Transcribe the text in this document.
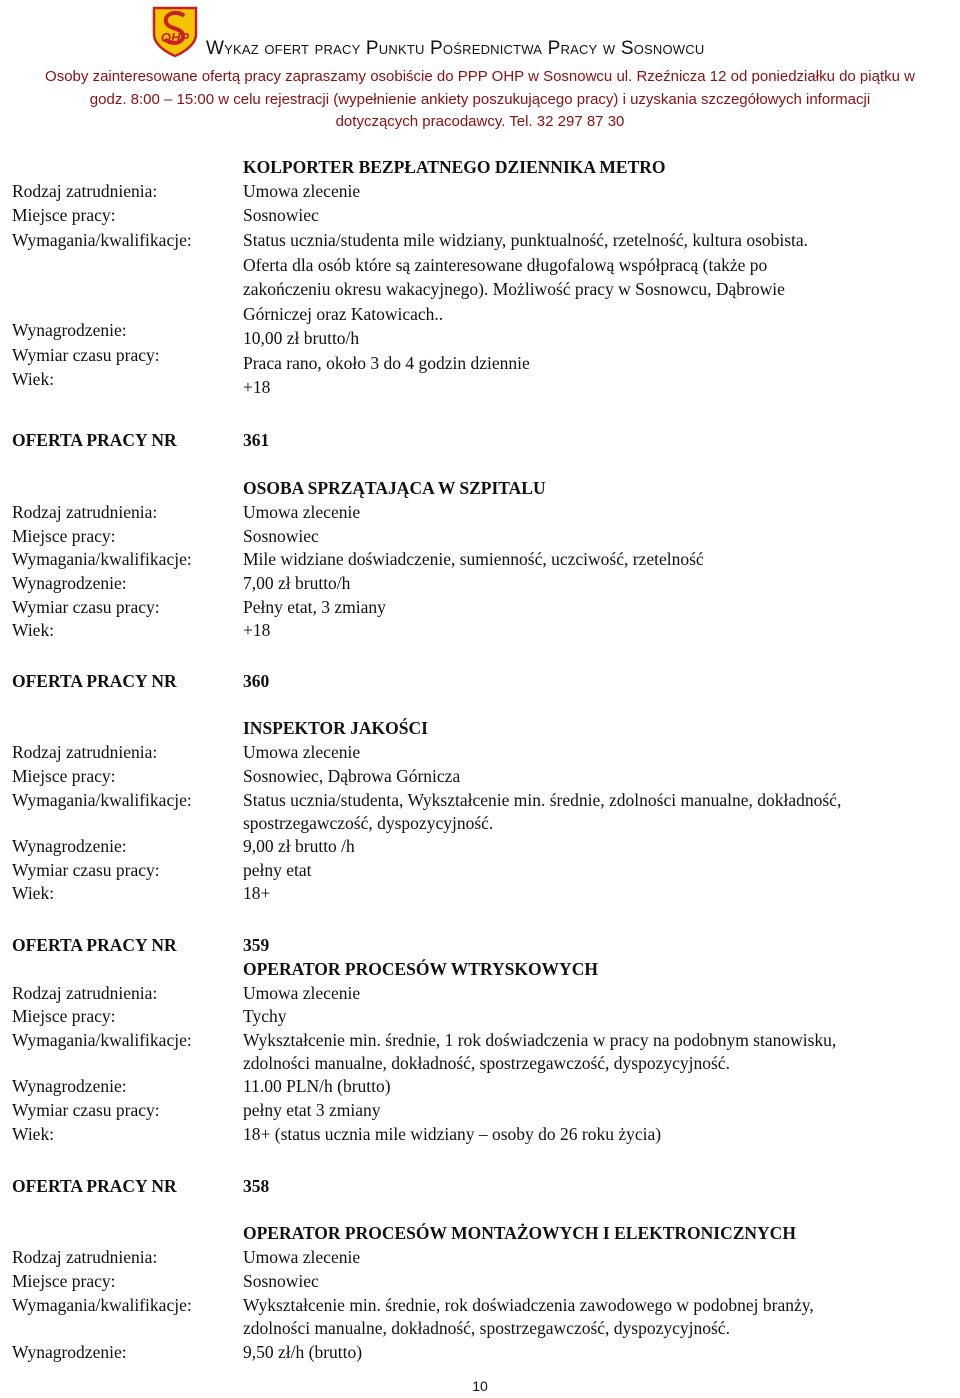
OHP
Wykaz ofert pracy Punktu Pośrednictwa Pracy w Sosnowcu
Osoby zainteresowane ofertą pracy zapraszamy osobiście do PPP OHP w Sosnowcu ul. Rzeźnicza 12 od poniedziałku do piątku w
godz. 8:00 – 15:00 w celu rejestracji (wypełnienie ankiety poszukującego pracy) i uzyskania szczegółowych informacji
dotyczących pracodawcy. Tel. 32 297 87 30
KOLPORTER BEZPŁATNEGO DZIENNIKA METRO
Rodzaj zatrudnienia:	Umowa zlecenie
Miejsce pracy:	Sosnowiec
Wymagania/kwalifikacje:	Status ucznia/studenta mile widziany, punktualność, rzetelność, kultura osobista.
Oferta dla osób które są zainteresowane długofalową współpracą (także po
zakończeniu okresu wakacyjnego). Możliwość pracy w Sosnowcu, Dąbrowie
Górniczej oraz Katowicach..
Wynagrodzenie:	10,00 zł brutto/h
Wymiar czasu pracy:	Praca rano, około 3 do 4 godzin dziennie
Wiek:	+18
OFERTA PRACY NR	361
OSOBA SPRZĄTAJĄCA W SZPITALU
Rodzaj zatrudnienia:	Umowa zlecenie
Miejsce pracy:	Sosnowiec
Wymagania/kwalifikacje:	Mile widziane doświadczenie, sumienność, uczciwość, rzetelność
Wynagrodzenie:	7,00 zł brutto/h
Wymiar czasu pracy:	Pełny etat, 3 zmiany
Wiek:	+18
OFERTA PRACY NR	360
INSPEKTOR JAKOŚCI
Rodzaj zatrudnienia:	Umowa zlecenie
Miejsce pracy:	Sosnowiec, Dąbrowa Górnicza
Wymagania/kwalifikacje:	Status ucznia/studenta, Wykształcenie min. średnie, zdolności manualne, dokładność,
spostrzegawczość, dyspozycyjność.
Wynagrodzenie:	9,00 zł brutto /h
Wymiar czasu pracy:	pełny etat
Wiek:	18+
OFERTA PRACY NR	359
OPERATOR PROCESÓW WTRYSKOWYCH
Rodzaj zatrudnienia:	Umowa zlecenie
Miejsce pracy:	Tychy
Wymagania/kwalifikacje:	Wykształcenie min. średnie, 1 rok doświadczenia w pracy na podobnym stanowisku,
zdolności manualne, dokładność, spostrzegawczość, dyspozycyjność.
Wynagrodzenie:	11.00 PLN/h (brutto)
Wymiar czasu pracy:	pełny etat 3 zmiany
Wiek:	18+ (status ucznia mile widziany – osoby do 26 roku życia)
OFERTA PRACY NR	358
OPERATOR PROCESÓW MONTAŻOWYCH I ELEKTRONICZNYCH
Rodzaj zatrudnienia:	Umowa zlecenie
Miejsce pracy:	Sosnowiec
Wymagania/kwalifikacje:	Wykształcenie min. średnie, rok doświadczenia zawodowego w podobnej branży,
zdolności manualne, dokładność, spostrzegawczość, dyspozycyjność.
Wynagrodzenie:	9,50 zł/h (brutto)
10
